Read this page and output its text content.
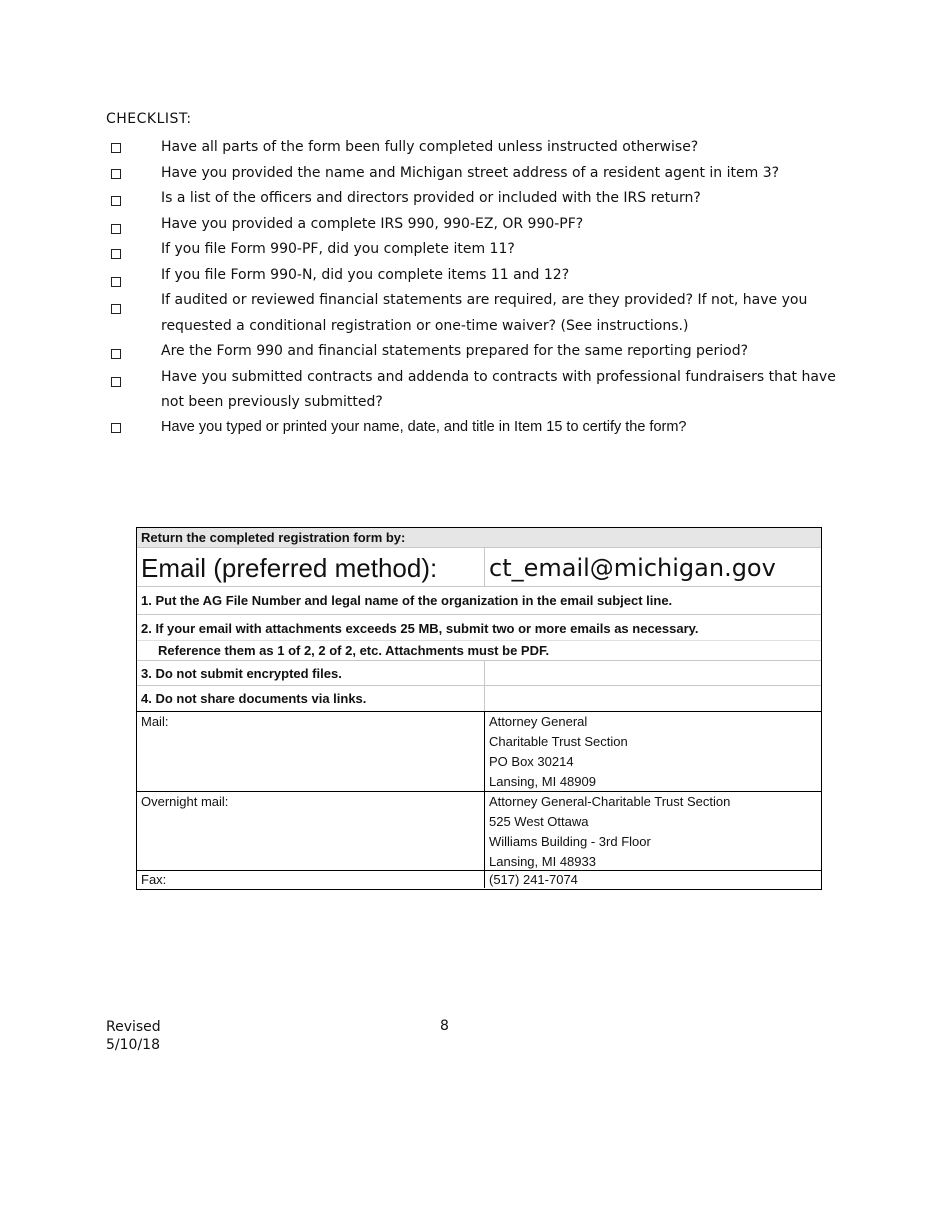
CHECKLIST:
Have all parts of the form been fully completed unless instructed otherwise?
Have you provided the name and Michigan street address of a resident agent in item 3?
Is a list of the officers and directors provided or included with the IRS return?
Have you provided a complete IRS 990, 990-EZ, OR 990-PF?
If you file Form 990-PF, did you complete item 11?
If you file Form 990-N, did you complete items 11 and 12?
If audited or reviewed financial statements are required, are they provided? If not, have you
requested a conditional registration or one-time waiver? (See instructions.)
Are the Form 990 and financial statements prepared for the same reporting period?
Have you submitted contracts and addenda to contracts with professional fundraisers that have
not been previously submitted?
Have you typed or printed your name, date, and title in Item 15 to certify the form?
Return the completed registration form by:
Email (preferred method):	ct_email@michigan.gov
1. Put the AG File Number and legal name of the organization in the email subject line.
2. If your email with attachments exceeds 25 MB, submit two or more emails as necessary.
Reference them as 1 of 2, 2 of 2, etc. Attachments must be PDF.
3. Do not submit encrypted files.
4. Do not share documents via links.
Mail:	Attorney General
Charitable Trust Section
PO Box 30214
Lansing, MI 48909
Overnight mail:	Attorney General-Charitable Trust Section
525 West Ottawa
Williams Building - 3rd Floor
Lansing, MI 48933
Fax:	(517) 241-7074
Revised
5/10/18
8
